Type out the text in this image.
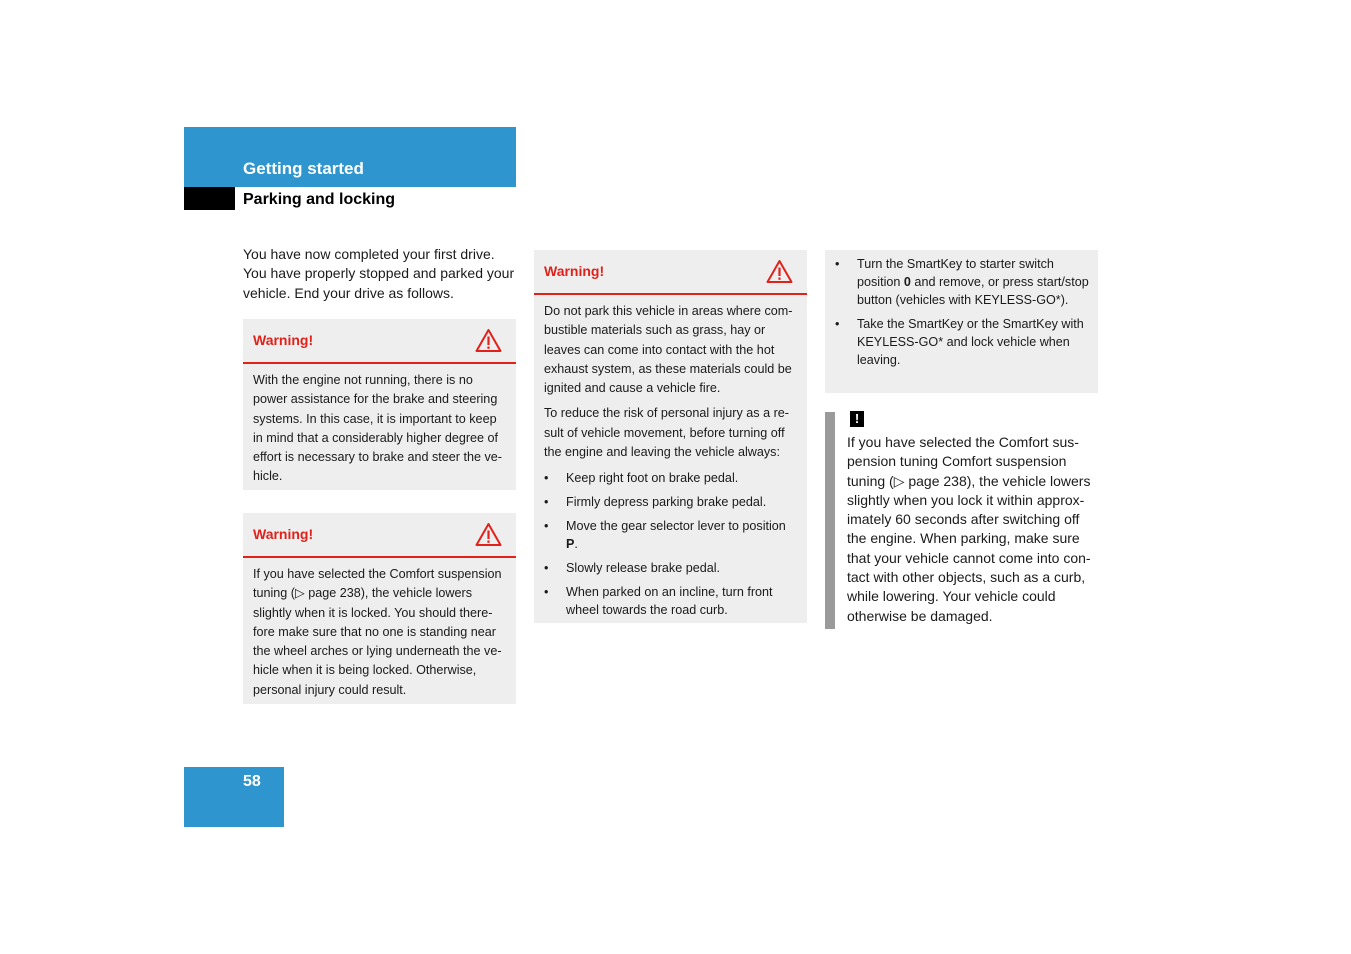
Getting started
Parking and locking

You have now completed your first drive. You have properly stopped and parked your vehicle. End your drive as follows.

Warning!

With the engine not running, there is no power assistance for the brake and steering systems. In this case, it is important to keep in mind that a considerably higher degree of effort is necessary to brake and steer the ve-hicle.

Warning!

If you have selected the Comfort suspension tuning (▷ page 238), the vehicle lowers slightly when it is locked. You should there-fore make sure that no one is standing near the wheel arches or lying underneath the ve-hicle when it is being locked. Otherwise, personal injury could result.

Warning!

Do not park this vehicle in areas where com-bustible materials such as grass, hay or leaves can come into contact with the hot exhaust system, as these materials could be ignited and cause a vehicle fire.

To reduce the risk of personal injury as a re-sult of vehicle movement, before turning off the engine and leaving the vehicle always:

• Keep right foot on brake pedal.
• Firmly depress parking brake pedal.
• Move the gear selector lever to position P.
• Slowly release brake pedal.
• When parked on an incline, turn front wheel towards the road curb.
• Turn the SmartKey to starter switch position 0 and remove, or press start/stop button (vehicles with KEYLESS-GO*).
• Take the SmartKey or the SmartKey with KEYLESS-GO* and lock vehicle when leaving.
!

If you have selected the Comfort sus-pension tuning Comfort suspension tuning (▷ page 238), the vehicle lowers slightly when you lock it within approx-imately 60 seconds after switching off the engine. When parking, make sure that your vehicle cannot come into con-tact with other objects, such as a curb, while lowering. Your vehicle could otherwise be damaged.

58
